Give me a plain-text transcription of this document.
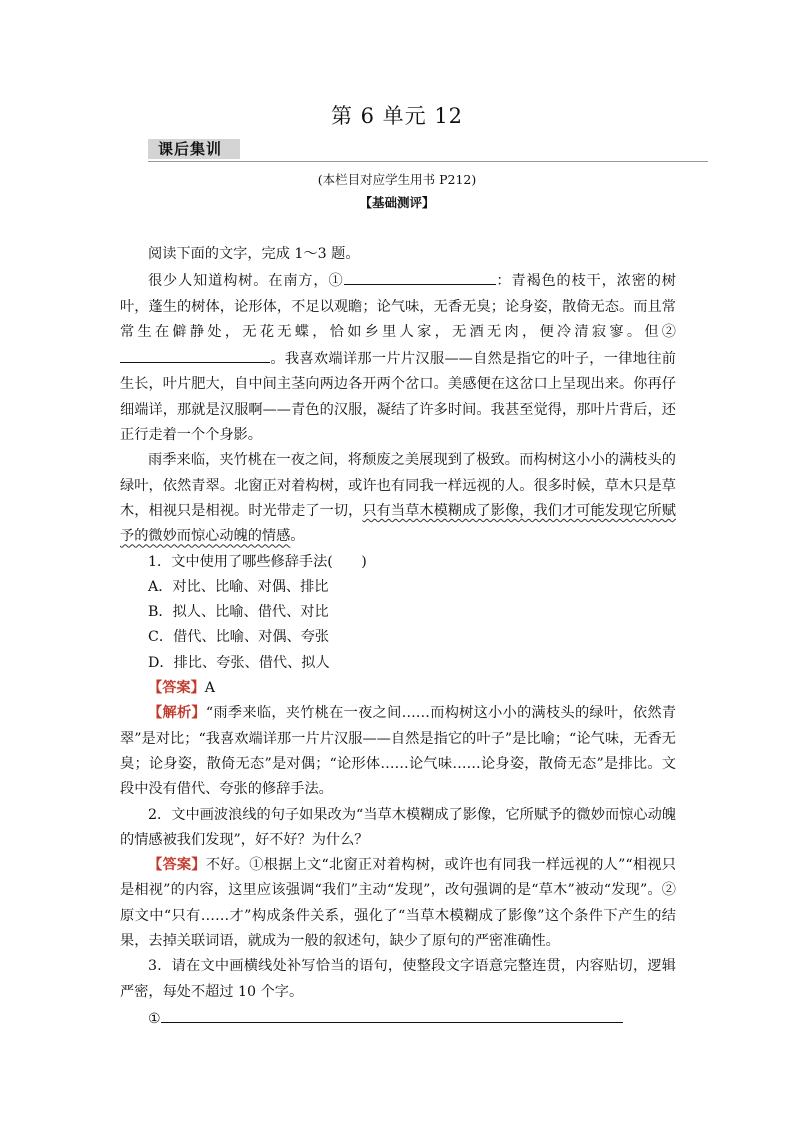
第 6 单元 12
课后集训
(本栏目对应学生用书 P212)
【基础测评】

阅读下面的文字，完成 1～3 题。

很少人知道构树。在南方，①	：青褐色的枝干，浓密的树叶，蓬生的树体，论形体，不足以观瞻；论气味，无香无臭；论身姿，散倚无态。而且常常生在僻静处，无花无蝶，恰如乡里人家，无酒无肉，便冷清寂寥。但②。我喜欢端详那一片片汉服——自然是指它的叶子，一律地往前生长，叶片肥大，自中间主茎向两边各开两个岔口。美感便在这岔口上呈现出来。你再仔细端详，那就是汉服啊——青色的汉服，凝结了许多时间。我甚至觉得，那叶片背后，还正行走着一个个身影。

雨季来临，夹竹桃在一夜之间，将颓废之美展现到了极致。而构树这小小的满枝头的绿叶，依然青翠。北窗正对着构树，或许也有同我一样远视的人。很多时候，草木只是草木，相视只是相视。时光带走了一切，只有当草木模糊成了影像，我们才可能发现它所赋予的微妙而惊心动魄的情感。

1．文中使用了哪些修辞手法(　　)

A．对比、比喻、对偶、排比

B．拟人、比喻、借代、对比

C．借代、比喻、对偶、夸张

D．排比、夸张、借代、拟人

【答案】A

【解析】“雨季来临，夹竹桃在一夜之间……而构树这小小的满枝头的绿叶，依然青翠”是对比；“我喜欢端详那一片片汉服——自然是指它的叶子”是比喻；“论气味，无香无臭；论身姿，散倚无态”是对偶；“论形体……论气味……论身姿，散倚无态”是排比。文段中没有借代、夸张的修辞手法。

2．文中画波浪线的句子如果改为“当草木模糊成了影像，它所赋予的微妙而惊心动魄的情感被我们发现”，好不好？为什么？

【答案】不好。①根据上文“北窗正对着构树，或许也有同我一样远视的人”“相视只是相视”的内容，这里应该强调“我们”主动“发现”，改句强调的是“草木”被动“发现”。②原文中“只有……才”构成条件关系，强化了“当草木模糊成了影像”这个条件下产生的结果，去掉关联词语，就成为一般的叙述句，缺少了原句的严密准确性。

3．请在文中画横线处补写恰当的语句，使整段文字语意完整连贯，内容贴切，逻辑严密，每处不超过 10 个字。

①
